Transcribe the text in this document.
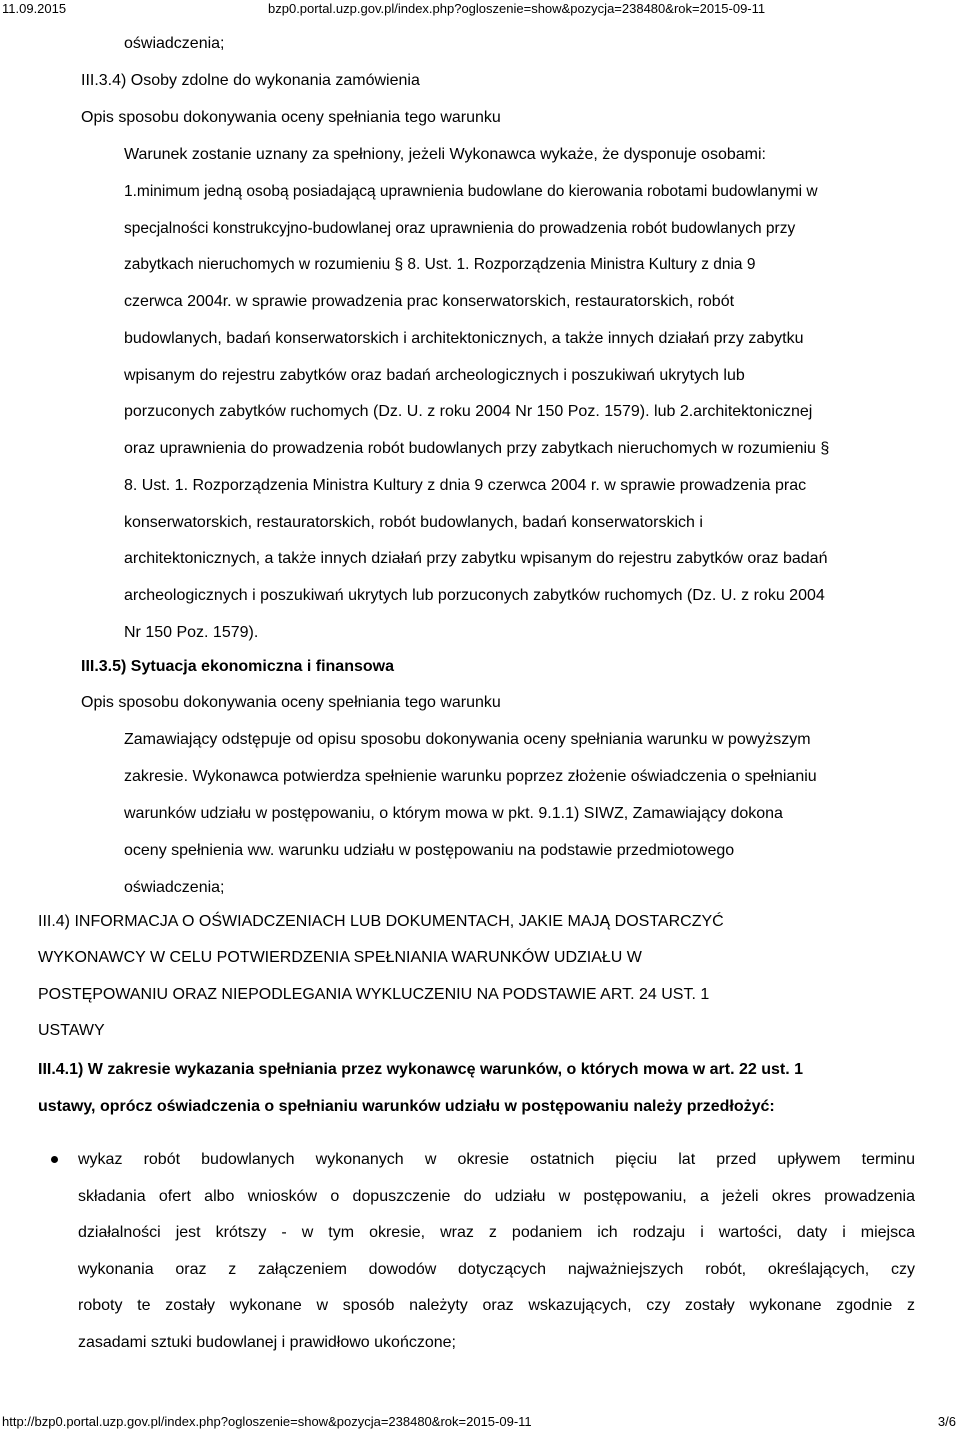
11.09.2015	bzp0.portal.uzp.gov.pl/index.php?ogloszenie=show&pozycja=238480&rok=2015-09-11
oświadczenia;
III.3.4) Osoby zdolne do wykonania zamówienia
Opis sposobu dokonywania oceny spełniania tego warunku
Warunek zostanie uznany za spełniony, jeżeli Wykonawca wykaże, że dysponuje osobami:
1.minimum jedną osobą posiadającą uprawnienia budowlane do kierowania robotami budowlanymi w
specjalności konstrukcyjno-budowlanej oraz uprawnienia do prowadzenia robót budowlanych przy
zabytkach nieruchomych w rozumieniu § 8. Ust. 1. Rozporządzenia Ministra Kultury z dnia 9
czerwca 2004r. w sprawie prowadzenia prac konserwatorskich, restauratorskich, robót
budowlanych, badań konserwatorskich i architektonicznych, a także innych działań przy zabytku
wpisanym do rejestru zabytków oraz badań archeologicznych i poszukiwań ukrytych lub
porzuconych zabytków ruchomych (Dz. U. z roku 2004 Nr 150 Poz. 1579). lub 2.architektonicznej
oraz uprawnienia do prowadzenia robót budowlanych przy zabytkach nieruchomych w rozumieniu §
8. Ust. 1. Rozporządzenia Ministra Kultury z dnia 9 czerwca 2004 r. w sprawie prowadzenia prac
konserwatorskich, restauratorskich, robót budowlanych, badań konserwatorskich i
architektonicznych, a także innych działań przy zabytku wpisanym do rejestru zabytków oraz badań
archeologicznych i poszukiwań ukrytych lub porzuconych zabytków ruchomych (Dz. U. z roku 2004
Nr 150 Poz. 1579).
III.3.5) Sytuacja ekonomiczna i finansowa
Opis sposobu dokonywania oceny spełniania tego warunku
Zamawiający odstępuje od opisu sposobu dokonywania oceny spełniania warunku w powyższym
zakresie. Wykonawca potwierdza spełnienie warunku poprzez złożenie oświadczenia o spełnianiu
warunków udziału w postępowaniu, o którym mowa w pkt. 9.1.1) SIWZ, Zamawiający dokona
oceny spełnienia ww. warunku udziału w postępowaniu na podstawie przedmiotowego
oświadczenia;
III.4) INFORMACJA O OŚWIADCZENIACH LUB DOKUMENTACH, JAKIE MAJĄ DOSTARCZYĆ
WYKONAWCY W CELU POTWIERDZENIA SPEŁNIANIA WARUNKÓW UDZIAŁU W
POSTĘPOWANIU ORAZ NIEPODLEGANIA WYKLUCZENIU NA PODSTAWIE ART. 24 UST. 1
USTAWY
III.4.1) W zakresie wykazania spełniania przez wykonawcę warunków, o których mowa w art. 22 ust. 1
ustawy, oprócz oświadczenia o spełnianiu warunków udziału w postępowaniu należy przedłożyć:
wykaz robót budowlanych wykonanych w okresie ostatnich pięciu lat przed upływem terminu
składania ofert albo wniosków o dopuszczenie do udziału w postępowaniu, a jeżeli okres prowadzenia
działalności jest krótszy - w tym okresie, wraz z podaniem ich rodzaju i wartości, daty i miejsca
wykonania oraz z załączeniem dowodów dotyczących najważniejszych robót, określających, czy
roboty te zostały wykonane w sposób należyty oraz wskazujących, czy zostały wykonane zgodnie z
zasadami sztuki budowlanej i prawidłowo ukończone;
http://bzp0.portal.uzp.gov.pl/index.php?ogloszenie=show&pozycja=238480&rok=2015-09-11	3/6
